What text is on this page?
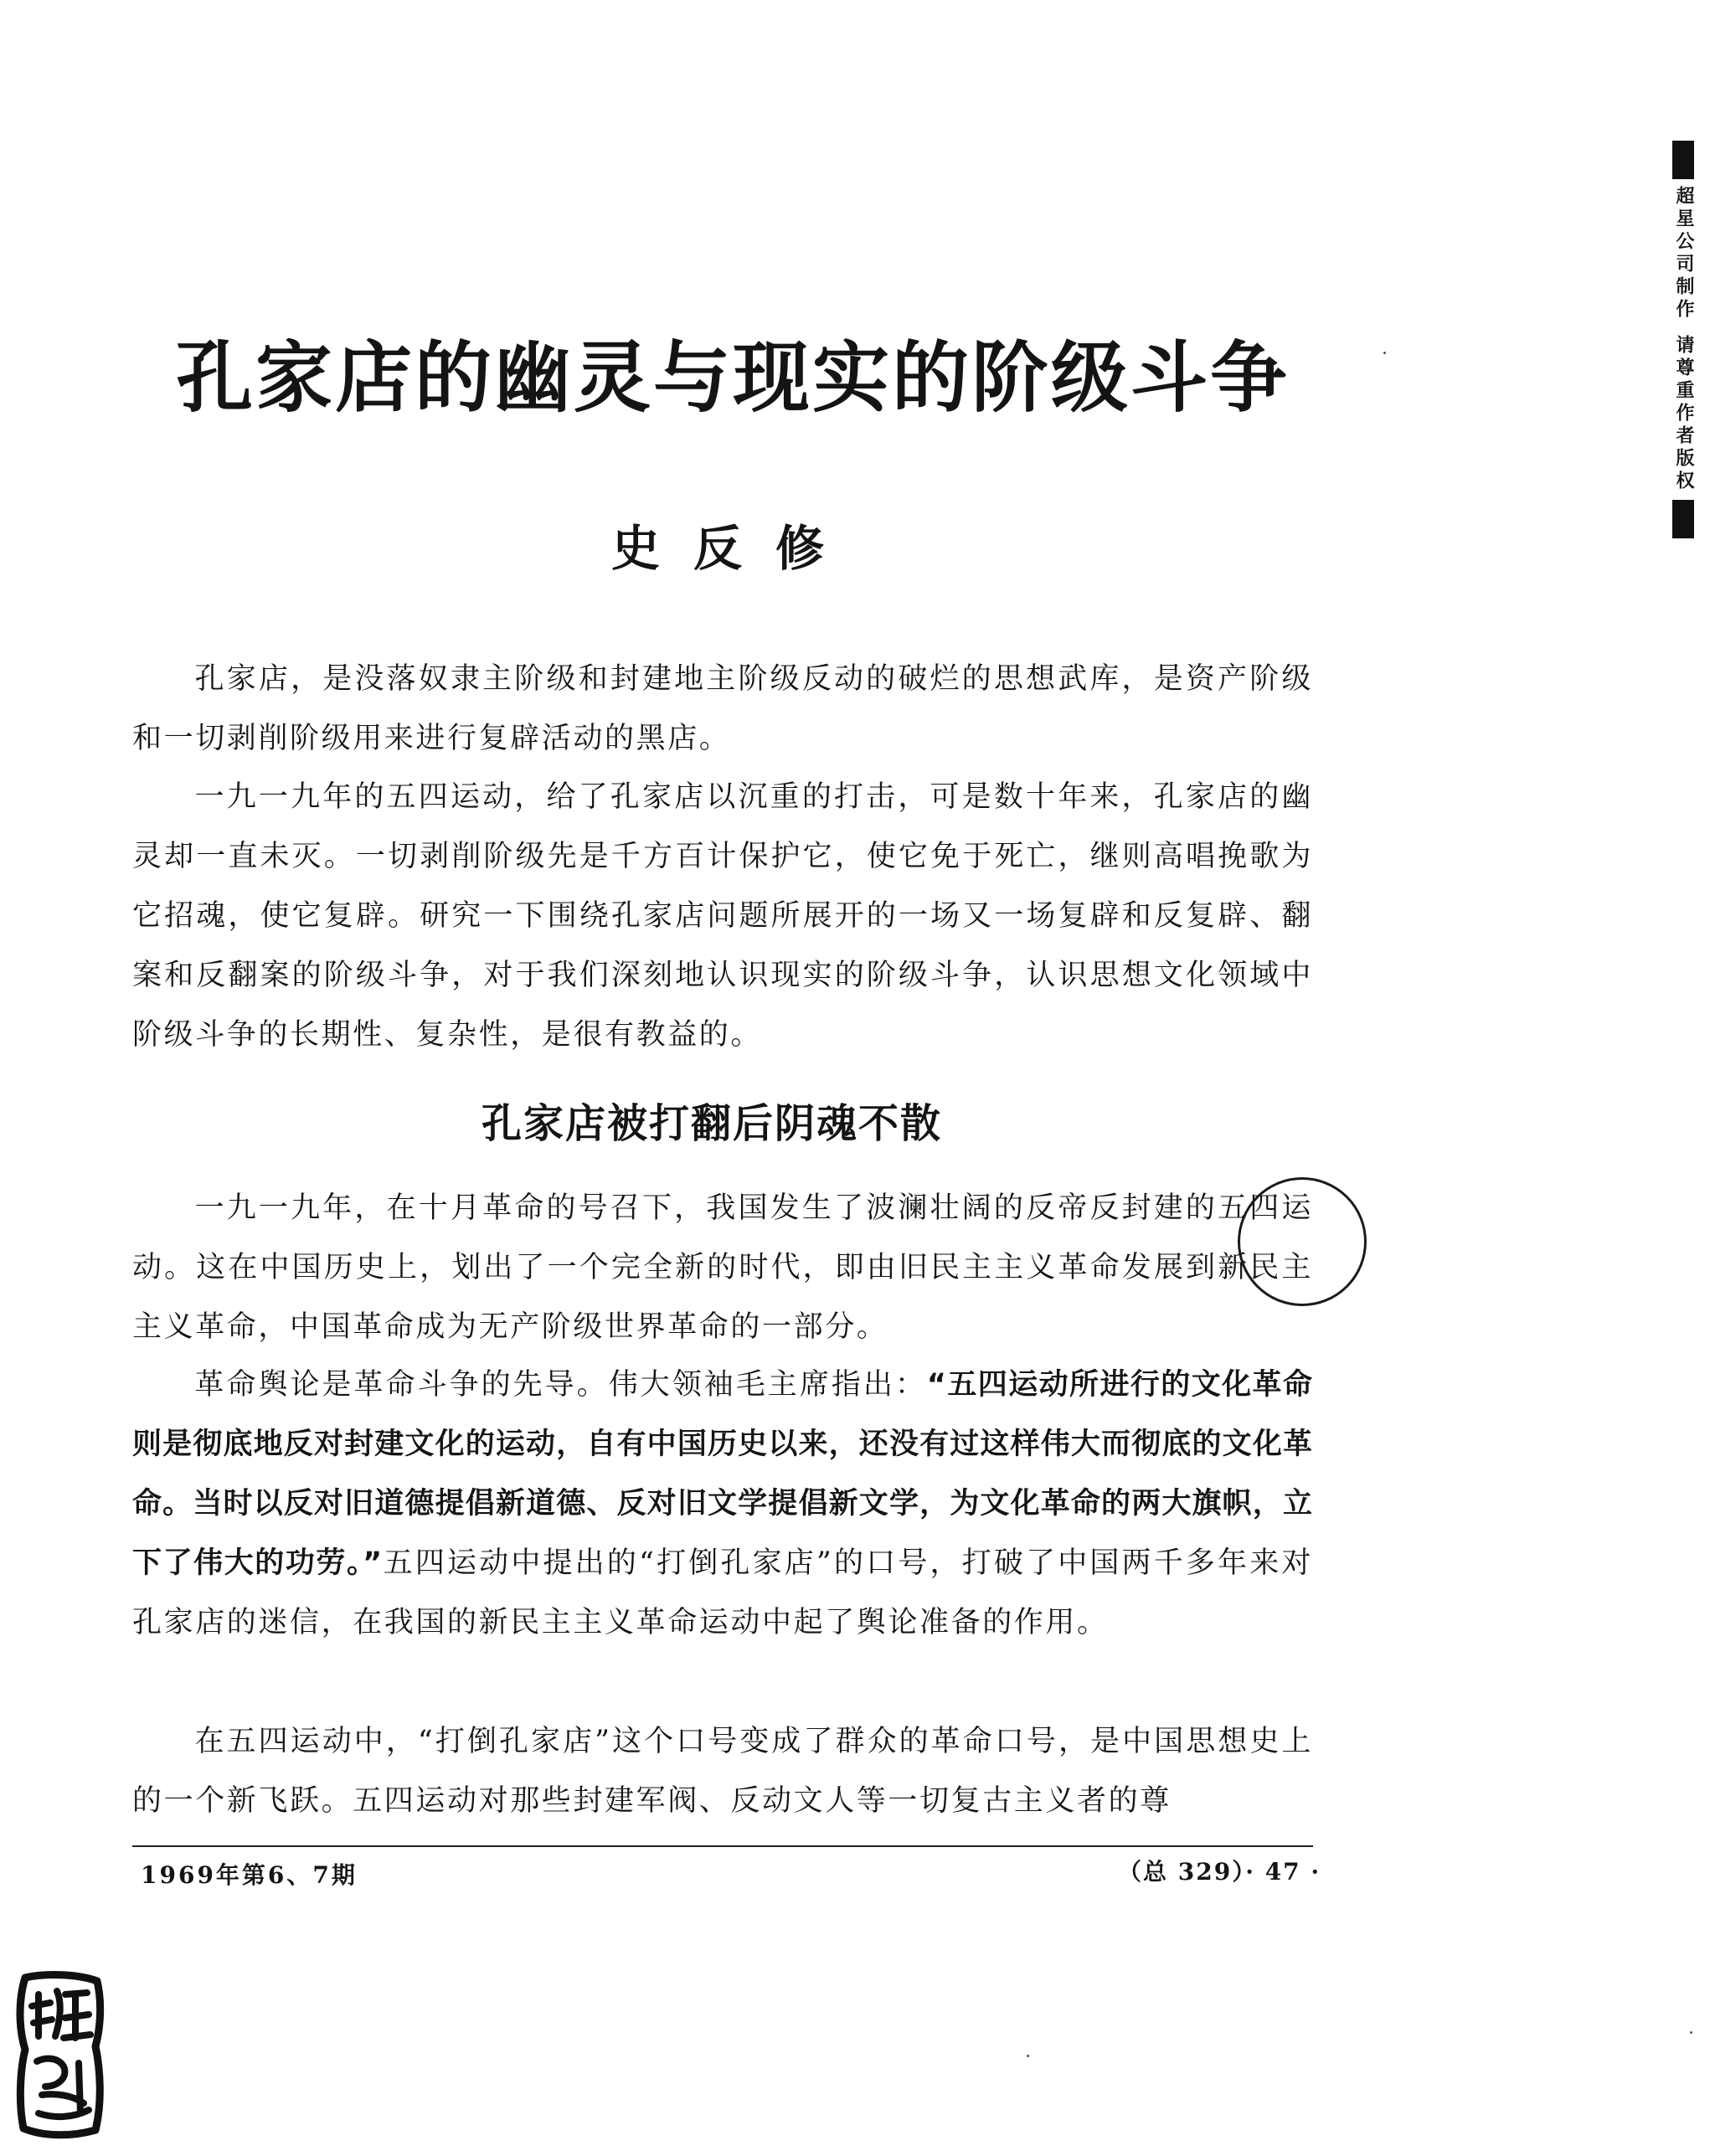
孔家店的幽灵与现实的阶级斗争
史反修

孔家店，是没落奴隶主阶级和封建地主阶级反动的破烂的思想武库，是资产阶级和一切剥削阶级用来进行复辟活动的黑店。

一九一九年的五四运动，给了孔家店以沉重的打击，可是数十年来，孔家店的幽灵却一直未灭。一切剥削阶级先是千方百计保护它，使它免于死亡，继则高唱挽歌为它招魂，使它复辟。研究一下围绕孔家店问题所展开的一场又一场复辟和反复辟、翻案和反翻案的阶级斗争，对于我们深刻地认识现实的阶级斗争，认识思想文化领域中阶级斗争的长期性、复杂性，是很有教益的。

孔家店被打翻后阴魂不散

一九一九年，在十月革命的号召下，我国发生了波澜壮阔的反帝反封建的五四运动。这在中国历史上，划出了一个完全新的时代，即由旧民主主义革命发展到新民主主义革命，中国革命成为无产阶级世界革命的一部分。

革命舆论是革命斗争的先导。伟大领袖毛主席指出：“五四运动所进行的文化革命则是彻底地反对封建文化的运动，自有中国历史以来，还没有过这样伟大而彻底的文化革命。当时以反对旧道德提倡新道德、反对旧文学提倡新文学，为文化革命的两大旗帜，立下了伟大的功劳。”五四运动中提出的“打倒孔家店”的口号，打破了中国两千多年来对孔家店的迷信，在我国的新民主主义革命运动中起了舆论准备的作用。

在五四运动中，“打倒孔家店”这个口号变成了群众的革命口号，是中国思想史上的一个新飞跃。五四运动对那些封建军阀、反动文人等一切复古主义者的尊

1969年第6、7期	（总 329）· 47 ·
超星公司制作
请尊重作者版权
